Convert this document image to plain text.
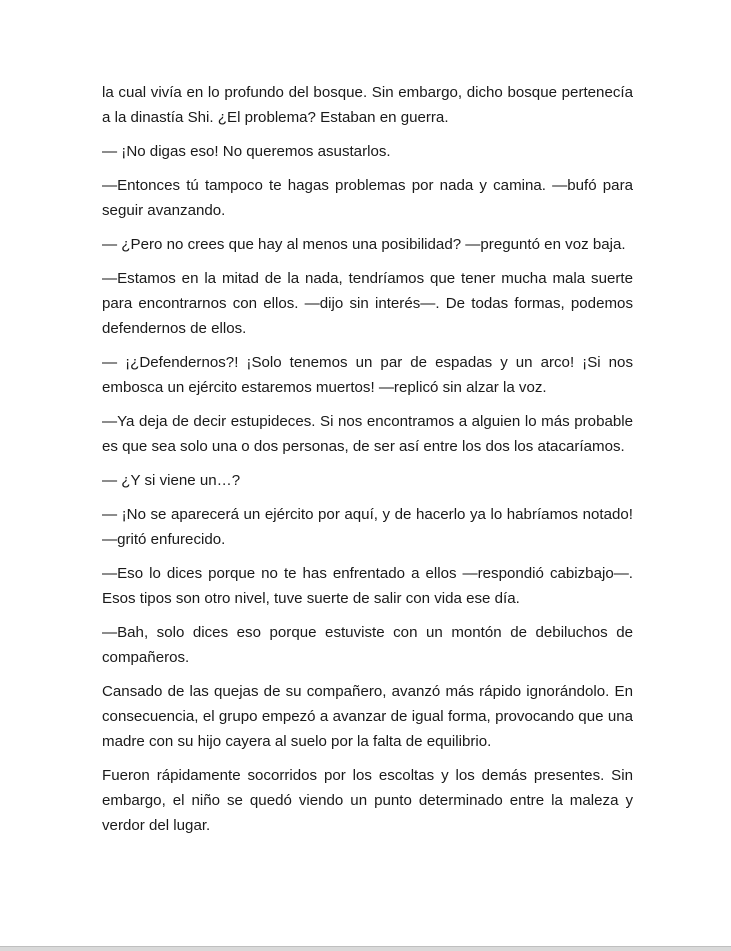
la cual vivía en lo profundo del bosque. Sin embargo, dicho bosque pertenecía a la dinastía Shi. ¿El problema? Estaban en guerra.

— ¡No digas eso! No queremos asustarlos.

—Entonces tú tampoco te hagas problemas por nada y camina. —bufó para seguir avanzando.

— ¿Pero no crees que hay al menos una posibilidad? —preguntó en voz baja.

—Estamos en la mitad de la nada, tendríamos que tener mucha mala suerte para encontrarnos con ellos. —dijo sin interés—. De todas formas, podemos defendernos de ellos.

— ¡¿Defendernos?! ¡Solo tenemos un par de espadas y un arco! ¡Si nos embosca un ejército estaremos muertos! —replicó sin alzar la voz.

—Ya deja de decir estupideces. Si nos encontramos a alguien lo más probable es que sea solo una o dos personas, de ser así entre los dos los atacaríamos.

— ¿Y si viene un…?

— ¡No se aparecerá un ejército por aquí, y de hacerlo ya lo habríamos notado! —gritó enfurecido.

—Eso lo dices porque no te has enfrentado a ellos —respondió cabizbajo—. Esos tipos son otro nivel, tuve suerte de salir con vida ese día.

—Bah, solo dices eso porque estuviste con un montón de debiluchos de compañeros.

Cansado de las quejas de su compañero, avanzó más rápido ignorándolo. En consecuencia, el grupo empezó a avanzar de igual forma, provocando que una madre con su hijo cayera al suelo por la falta de equilibrio.

Fueron rápidamente socorridos por los escoltas y los demás presentes. Sin embargo, el niño se quedó viendo un punto determinado entre la maleza y verdor del lugar.
